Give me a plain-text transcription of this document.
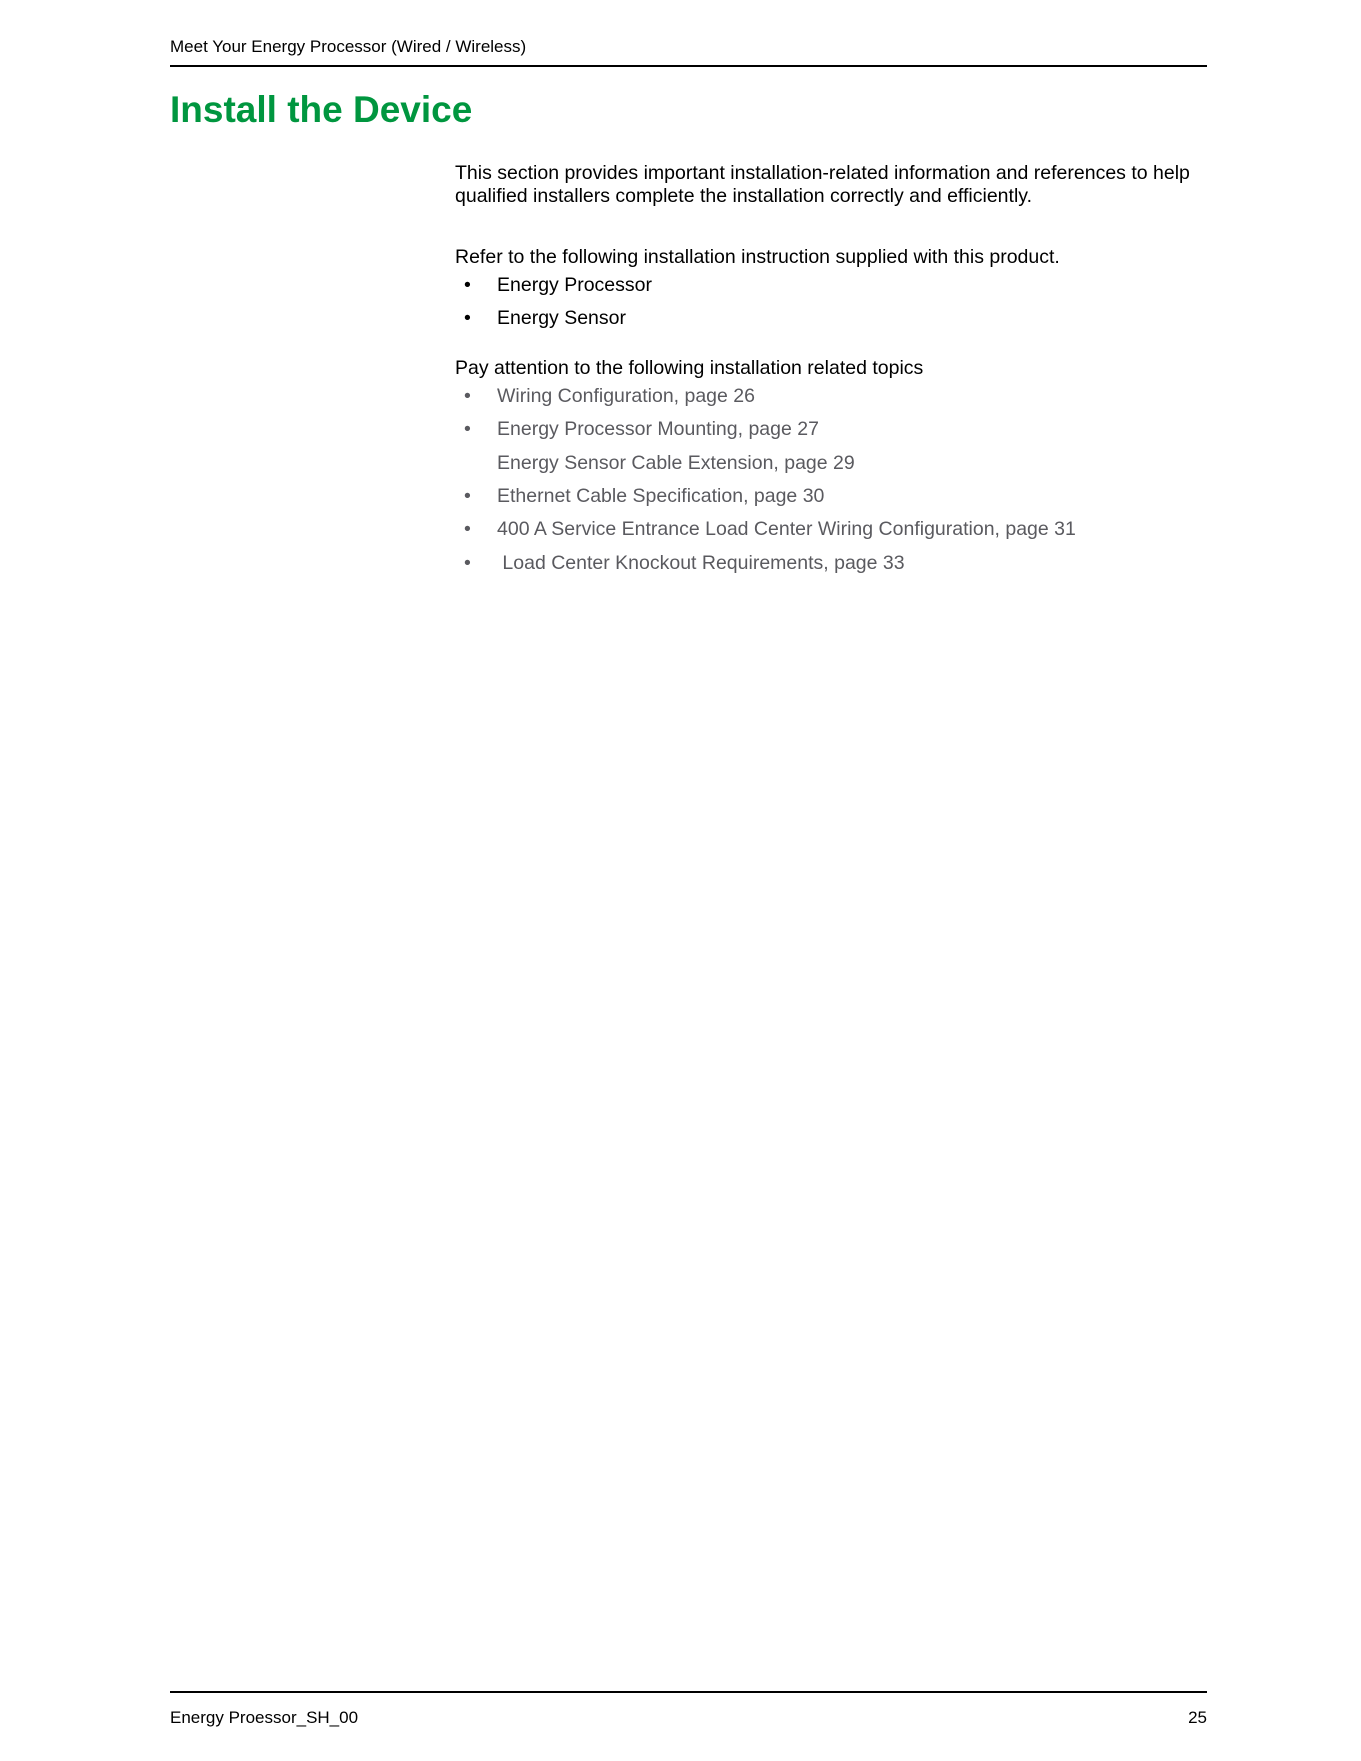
Meet Your Energy Processor (Wired / Wireless)
Install the Device

This section provides important installation-related information and references to help qualified installers complete the installation correctly and efficiently.

Refer to the following installation instruction supplied with this product.

• Energy Processor
• Energy Sensor

Pay attention to the following installation related topics

• Wiring Configuration, page 26
• Energy Processor Mounting, page 27
Energy Sensor Cable Extension, page 29
• Ethernet Cable Specification, page 30
• 400 A Service Entrance Load Center Wiring Configuration, page 31
• Load Center Knockout Requirements, page 33
Energy Proessor_SH_00	25
